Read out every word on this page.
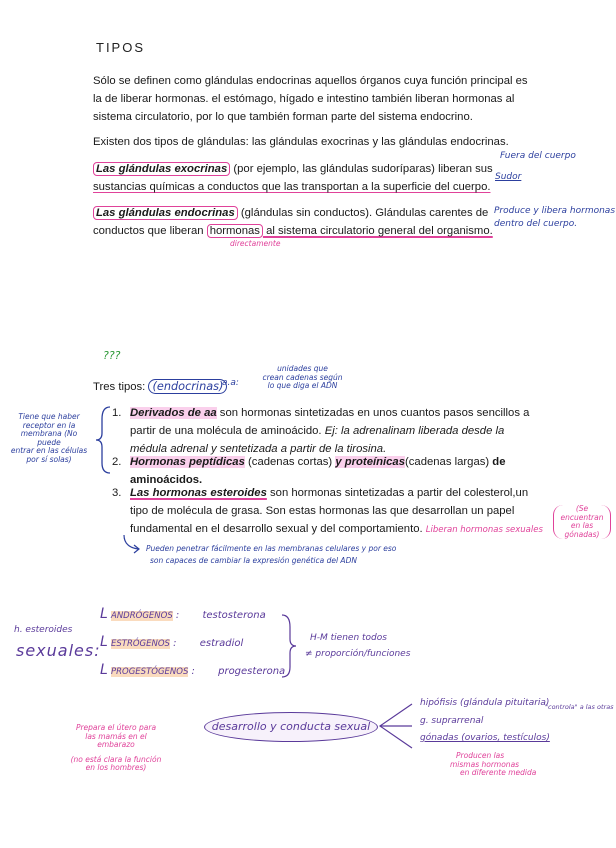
TIPOS
Sólo se definen como glándulas endocrinas aquellos órganos cuya función principal es
la de liberar hormonas. el estómago, hígado e intestino también liberan hormonas al
sistema circulatorio, por lo que también forman parte del sistema endocrino.
Existen dos tipos de glándulas: las glándulas exocrinas y las glándulas endocrinas.
Las glándulas exocrinas (por ejemplo, las glándulas sudoríparas) liberan sus
sustancias químicas a conductos que las transportan a la superficie del cuerpo.
Fuera del cuerpo
Sudor
Las glándulas endocrinas (glándulas sin conductos). Glándulas carentes de
conductos que liberan hormonas al sistema circulatorio general del organismo.
directamente
Produce y libera hormonas
dentro del cuerpo.
???
Tres tipos: (endocrinas)
a.a:
unidades que
crean cadenas según
lo que diga el ADN
Tiene que haber
receptor en la
membrana (No puede
entrar en las células
por sí solas)
1. Derivados de aa son hormonas sintetizadas en unos cuantos pasos sencillos a
partir de una molécula de aminoácido. Ej: la adrenalinam liberada desde la
médula adrenal y sentetizada a partir de la tirosina.
2. Hormonas peptídicas (cadenas cortas) y proteínicas(cadenas largas) de
aminoácidos.
3. Las hormonas esteroides son hormonas sintetizadas a partir del colesterol,un
tipo de molécula de grasa. Son estas hormonas las que desarrollan un papel
fundamental en el desarrollo sexual y del comportamiento. Liberan hormonas sexuales
(Se encuentran
en las
gónadas)
Pueden penetrar fácilmente en las membranas celulares y por eso
son capaces de cambiar la expresión genética del ADN
h. esteroides
sexuales:
L ANDRÓGENOS : testosterona
L ESTRÓGENOS : estradiol
L PROGESTÓGENOS : progesterona
H-M tienen todos
≠ proporción/funciones
desarrollo y conducta sexual
hipófisis (glándula pituitaria)
g. suprarrenal
gónadas (ovarios, testículos)
"controla" a las otras
Producen las
mismas hormonas
en diferente medida
Prepara el útero para
las mamás en el
embarazo
(no está clara la función
en los hombres)
